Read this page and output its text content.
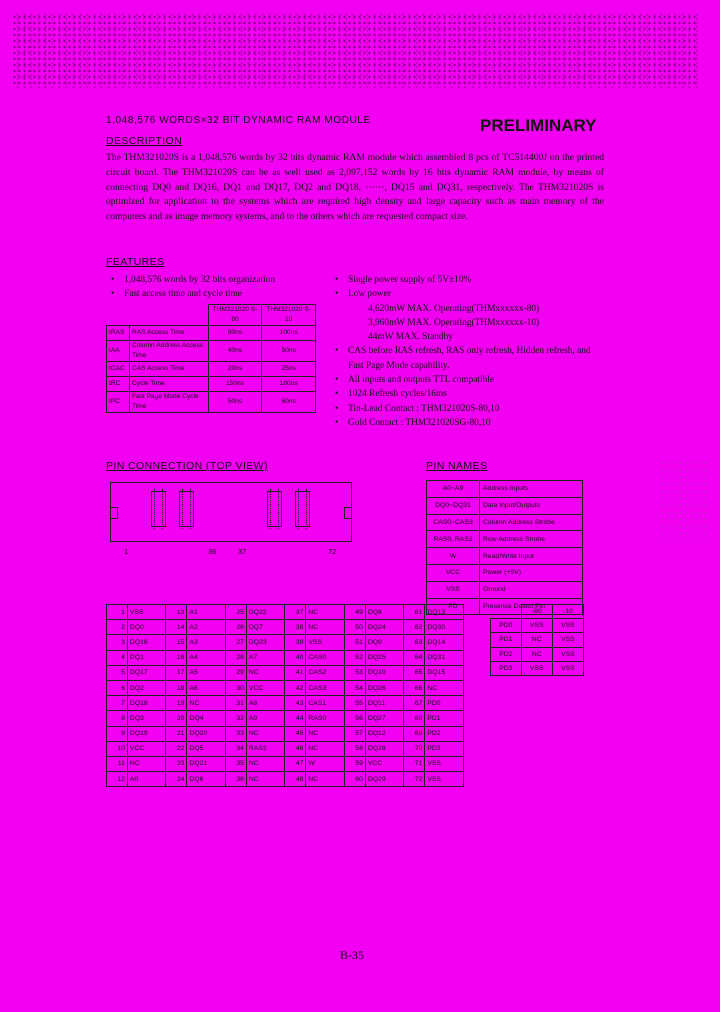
1,048,576 WORDS×32 BIT DYNAMIC RAM MODULE	PRELIMINARY
DESCRIPTION
The THM321020S is a 1,048,576 words by 32 bits dynamic RAM module which assembled 8 pcs of TC514400J on the printed circuit board. The THM321020S can be as well used as 2,097,152 words by 16 bits dynamic RAM module, by means of connecting DQ0 and DQ16, DQ1 and DQ17, DQ2 and DQ18, ······, DQ15 and DQ31, respectively. The THM321020S is optimized for application to the systems which are required high density and large capacity such as main memory of the computers and as image memory systems, and to the others which are requested compact size.
FEATURES
• 1,048,576 words by 32 bits organization
• Fast access time and cycle time
		THM321020 S-80	THM321020 S-10
tRAS	RAS Access Time	80ns	100ns
tAA	Column Address Access Time	40ns	50ns
tCAC	CAS Access Time	20ns	25ns
tRC	Cycle Time	150ns	180ns
tPC	Fast Page Mode Cycle Time	50ns	60ns
• Single power supply of 5V±10%
• Low power
4,620mW MAX. Operating(THMxxxxxx-80)
3,960mW MAX. Operating(THMxxxxxx-10)
44mW MAX. Standby
• CAS before RAS refresh, RAS only refresh, Hidden refresh, and Fast Page Mode capability.
• All inputs and outputs TTL compatible
• 1024 Refresh cycles/16ms
• Tin-Lead Contact : THM321020S-80,10
• Gold Contact : THM321020SG-80,10
PIN CONNECTION (TOP VIEW)
1	36	37	72
PIN NAMES
A0~A9	Address Inputs
DQ0~DQ31	Data Input/Outputs
CAS0~CAS3	Column Address Strobe
RAS0, RAS2	Row Address Strobe
W	Read/Write Input
VCC	Power (+5V)
VSS	Ground
PD	Presence Detect Pin
1	VSS	13	A1	25	DQ22	37	NC	49	DQ8	61	DQ13
2	DQ0	14	A2	26	DQ7	38	NC	50	DQ24	62	DQ30
3	DQ16	15	A3	27	DQ23	39	VSS	51	DQ9	63	DQ14
4	DQ1	16	A4	28	A7	40	CAS0	52	DQ25	64	DQ31
5	DQ17	17	A5	29	NC	41	CAS2	53	DQ10	65	DQ15
6	DQ2	18	A6	30	VCC	42	CAS3	54	DQ26	66	NC
7	DQ18	19	NC	31	A8	43	CAS1	55	DQ11	67	PD0
8	DQ3	20	DQ4	32	A9	44	RAS0	56	DQ27	68	PD1
9	DQ19	21	DQ20	33	NC	45	NC	57	DQ12	69	PD2
10	VCC	22	DQ5	34	RAS2	46	NC	58	DQ28	70	PD3
11	NC	23	DQ21	35	NC	47	W	59	VCC	71	VSS
12	A0	24	DQ6	36	NC	48	NC	60	DQ29	72	VSS
	-80	-10
PD0	VSS	VSS
PD1	NC	VSS
PD2	NC	VSS
PD3	VSS	VSS
B-35
